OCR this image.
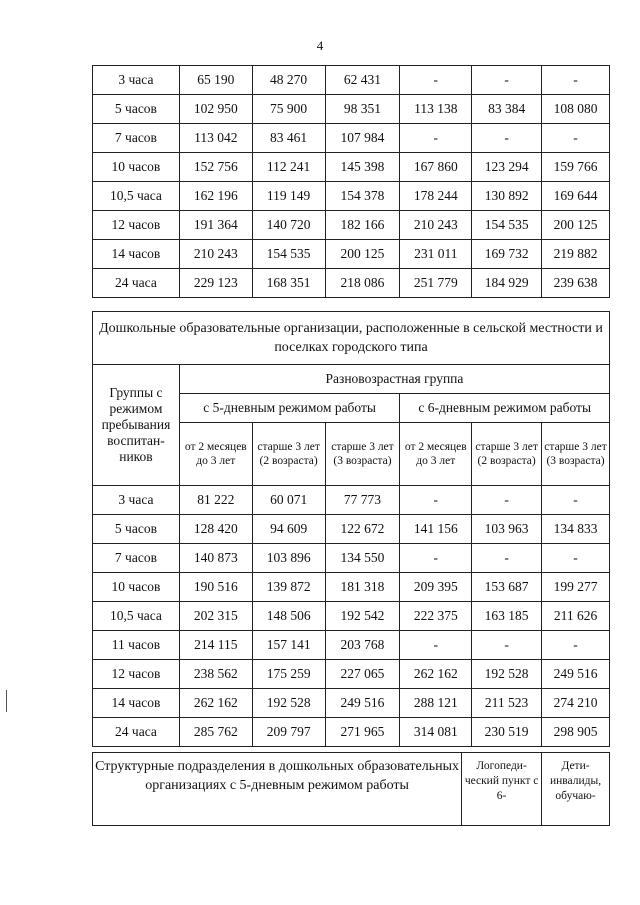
4
3 часа	65 190	48 270	62 431	-	-	-
5 часов	102 950	75 900	98 351	113 138	83 384	108 080
7 часов	113 042	83 461	107 984	-	-	-
10 часов	152 756	112 241	145 398	167 860	123 294	159 766
10,5 часа	162 196	119 149	154 378	178 244	130 892	169 644
12 часов	191 364	140 720	182 166	210 243	154 535	200 125
14 часов	210 243	154 535	200 125	231 011	169 732	219 882
24 часа	229 123	168 351	218 086	251 779	184 929	239 638
Дошкольные образовательные организации, расположенные в сельской местности и поселках городского типа						
Группы с режимом пребывания воспитан-ников	Разновозрастная группа					
	с 5-дневным режимом работы			с 6-дневным режимом работы		
	от 2 месяцев до 3 лет	старше 3 лет (2 возраста)	старше 3 лет (3 возраста)	от 2 месяцев до 3 лет	старше 3 лет (2 возраста)	старше 3 лет (3 возраста)
3 часа	81 222	60 071	77 773	-	-	-
5 часов	128 420	94 609	122 672	141 156	103 963	134 833
7 часов	140 873	103 896	134 550	-	-	-
10 часов	190 516	139 872	181 318	209 395	153 687	199 277
10,5 часа	202 315	148 506	192 542	222 375	163 185	211 626
11 часов	214 115	157 141	203 768	-	-	-
12 часов	238 562	175 259	227 065	262 162	192 528	249 516
14 часов	262 162	192 528	249 516	288 121	211 523	274 210
24 часа	285 762	209 797	271 965	314 081	230 519	298 905
Структурные подразделения в дошкольных образовательных организациях с 5-дневным режимом работы	Логопеди-ческий пункт с 6-	Дети-инвалиды, обучаю-
